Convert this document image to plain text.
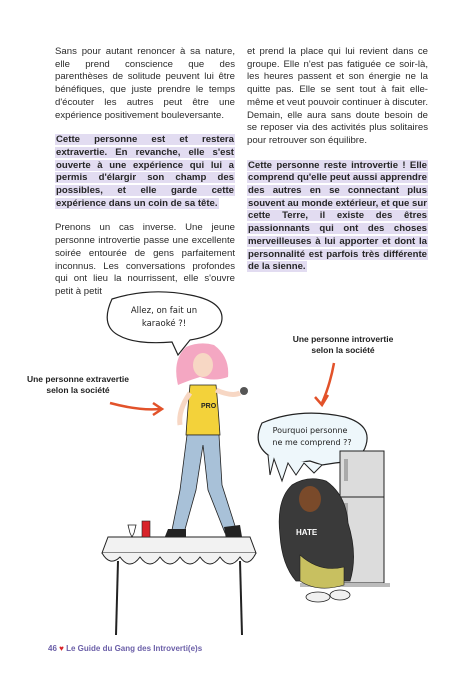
Sans pour autant renoncer à sa nature, elle prend conscience que des parenthèses de solitude peuvent lui être bénéfiques, que juste prendre le temps d'écouter les autres peut être une expérience positivement bouleversante.

Cette personne est et restera extravertie. En revanche, elle s'est ouverte à une expérience qui lui a permis d'élargir son champ des possibles, et elle garde cette expérience dans un coin de sa tête.

Prenons un cas inverse. Une jeune personne introvertie passe une excellente soirée entourée de gens parfaitement inconnus. Les conversations profondes qui ont lieu la nourrissent, elle s'ouvre petit à petit

et prend la place qui lui revient dans ce groupe. Elle n'est pas fatiguée ce soir-là, les heures passent et son énergie ne la quitte pas. Elle se sent tout à fait elle-même et veut pouvoir continuer à discuter. Demain, elle aura sans doute besoin de se reposer via des activités plus solitaires pour retrouver son équilibre.

Cette personne reste introvertie ! Elle comprend qu'elle peut aussi apprendre des autres en se connectant plus souvent au monde extérieur, et que sur cette Terre, il existe des êtres passionnants qui ont des choses merveilleuses à lui apporter et dont la personnalité est parfois très différente de la sienne.

Allez, on fait un
karaoké ?!
Une personne introvertie
selon la société
Une personne extravertie
selon la société
PRO
Pourquoi personne
ne me comprend ??
HATE
46 ♥ Le Guide du Gang des Introverti(e)s
